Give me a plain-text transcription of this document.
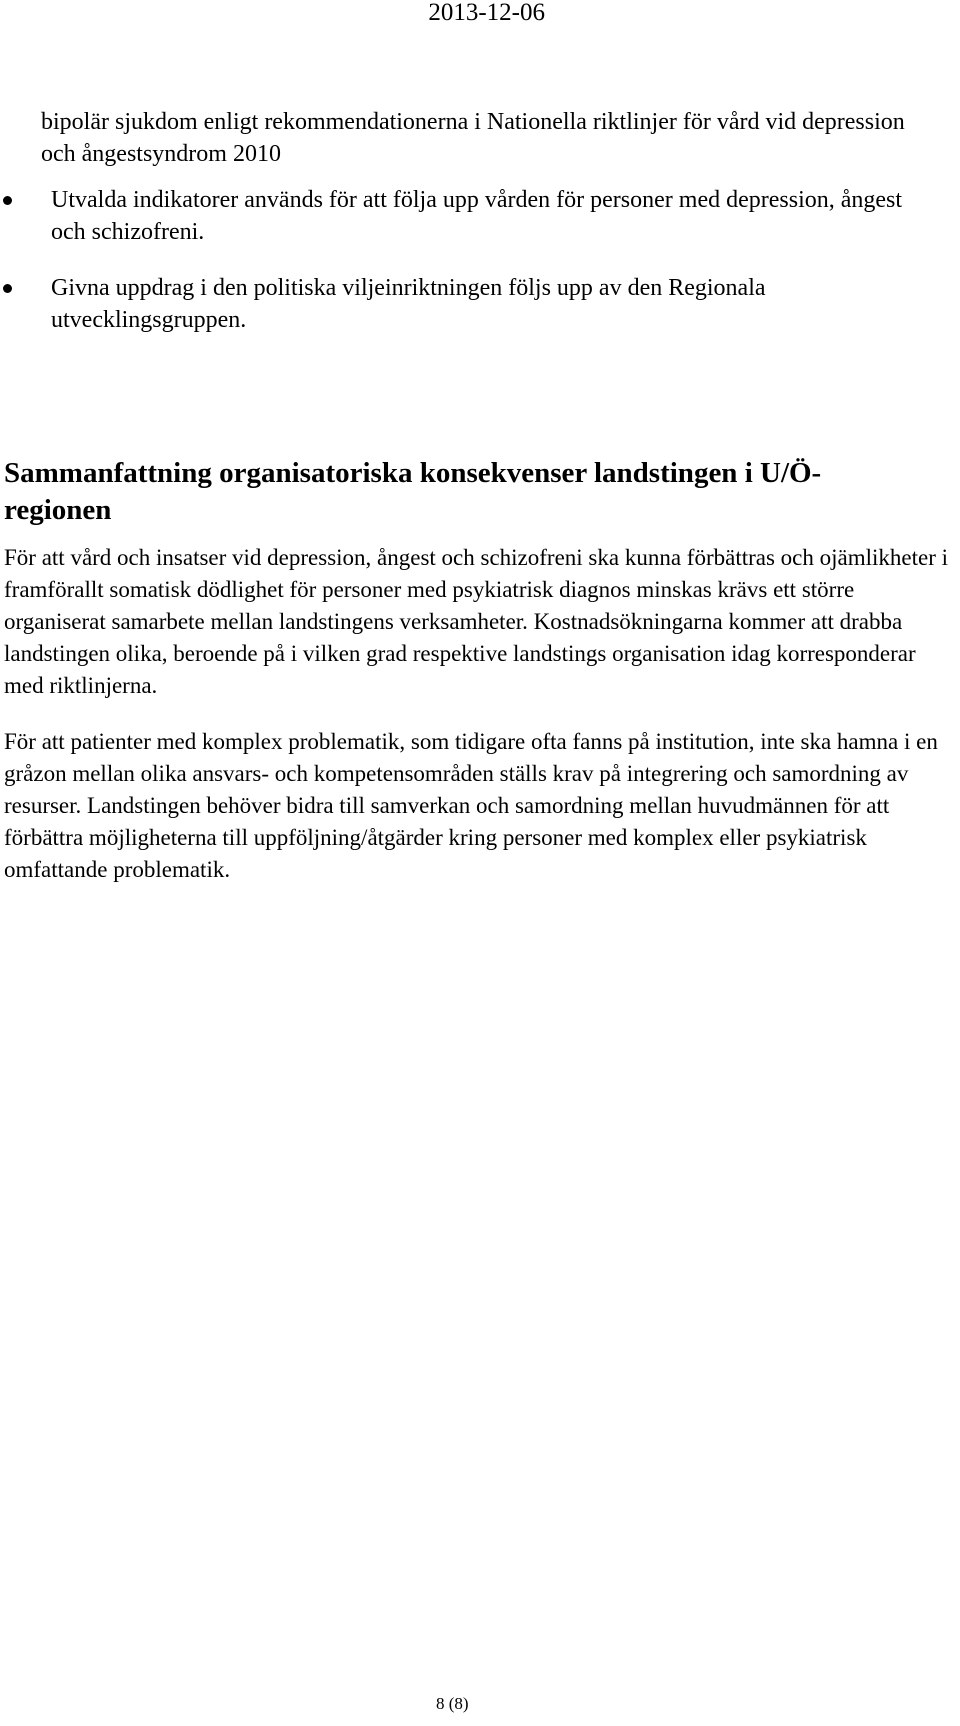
2013-12-06

bipolär sjukdom enligt rekommendationerna i Nationella riktlinjer för vård vid depression och ångestsyndrom 2010

Utvalda indikatorer används för att följa upp vården för personer med depression, ångest och schizofreni.
Givna uppdrag i den politiska viljeinriktningen följs upp av den Regionala utvecklingsgruppen.
Sammanfattning organisatoriska konsekvenser landstingen i U/Ö-regionen

För att vård och insatser vid depression, ångest och schizofreni ska kunna förbättras och ojämlikheter i framförallt somatisk dödlighet för personer med psykiatrisk diagnos minskas krävs ett större organiserat samarbete mellan landstingens verksamheter. Kostnadsökningarna kommer att drabba landstingen olika, beroende på i vilken grad respektive landstings organisation idag korresponderar med riktlinjerna.

För att patienter med komplex problematik, som tidigare ofta fanns på institution, inte ska hamna i en gråzon mellan olika ansvars- och kompetensområden ställs krav på integrering och samordning av resurser. Landstingen behöver bidra till samverkan och samordning mellan huvudmännen för att förbättra möjligheterna till uppföljning/åtgärder kring personer med komplex eller psykiatrisk omfattande problematik.

8 (8)
